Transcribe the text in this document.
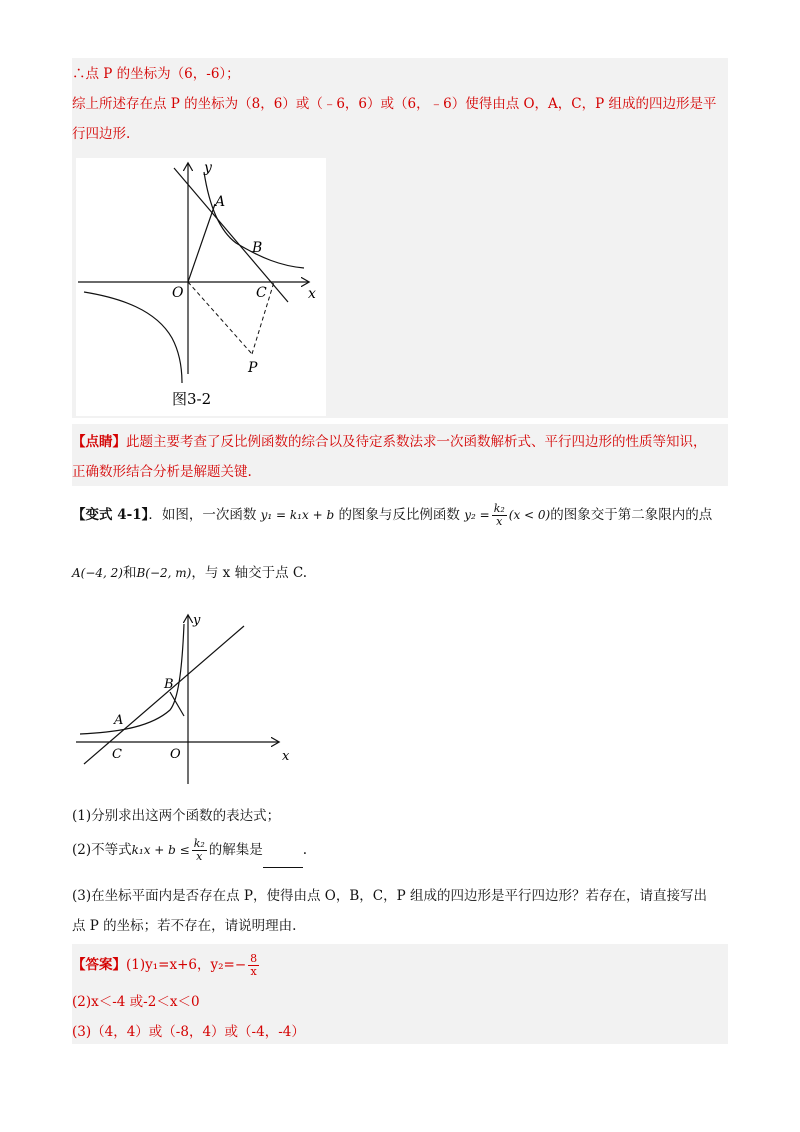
∴点 P 的坐标为（6，-6）；
综上所述存在点 P 的坐标为（8，6）或（﹣6，6）或（6，﹣6）使得由点 O，A，C，P 组成的四边形是平
行四边形.
y
x
A
B
O	C
P
图3-2
【点睛】此题主要考查了反比例函数的综合以及待定系数法求一次函数解析式、平行四边形的性质等知识，
正确数形结合分析是解题关键.
【变式 4-1】．如图，一次函数 y₁ = k₁x + b 的图象与反比例函数 $y_2 = \frac{\text{k₂}}{x} (x < 0)$的图象交于第二象限内的点
A(−4, 2)和B(−2, m)，与 x 轴交于点 C.
y
x
A
B
C	O
(1)分别求出这两个函数的表达式；
(2)不等式$k_1x + b \le \frac{\text{k₂}}{x}$ 的解集是	.
(3)在坐标平面内是否存在点 P，使得由点 O，B，C，P 组成的四边形是平行四边形？若存在，请直接写出
点 P 的坐标；若不存在，请说明理由.
【答案】(1)y₁=x+6，$y_2=- \frac{8}{x}$
(2)x＜-4 或-2＜x＜0
(3)（4，4）或（-8，4）或（-4，-4）
